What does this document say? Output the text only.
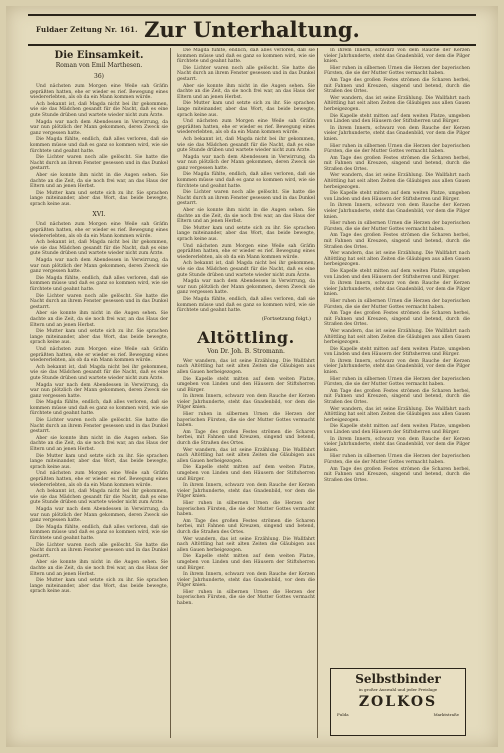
Fuldaer Zeitung Nr. 161. Zur Unterhaltung.
Die Einsamkeit.
Roman von Emil Marthesen.
36)

Und nächsten zum Morgen eine Weile sah Gräfin gepräßten hatten, ehe er wieder es rief. Bewegung eines wiedererlebten, als ob da ein Mann kommen würde.

Ach bekannt ist, daß Magda nicht bei ihr gekommen, wie sie das Mädchen gesandt für die Nacht, daß es eine gute Stunde drüben und wartete wieder nicht zum Ärzte.

Magda war nach dem Abendessen in Verwirrung, da war nun plötzlich der Mann gekommen, deren Zweck sie ganz vergessen hatte.

Die Magda fühlte, endlich, daß alles verloren, daß sie kommen müsse und daß es ganz so kommen wird, wie sie fürchtete und geahnt hatte.

Die Lichter waren noch alle gelöscht. Sie hatte die Nacht durch an ihrem Fenster gesessen und in das Dunkel gestarrt.

Aber sie konnte ihm nicht in die Augen sehen. Sie dachte an die Zeit, da sie noch frei war, an das Haus der Eltern und an jenen Herbst.

Die Mutter kam und setzte sich zu ihr. Sie sprachen lange miteinander, aber das Wort, das beide bewegte, sprach keine aus.

XVI.

Und nächsten zum Morgen eine Weile sah Gräfin gepräßten hatten, ehe er wieder es rief. Bewegung eines wiedererlebten, als ob da ein Mann kommen würde.

Ach bekannt ist, daß Magda nicht bei ihr gekommen, wie sie das Mädchen gesandt für die Nacht, daß es eine gute Stunde drüben und wartete wieder nicht zum Ärzte.

Magda war nach dem Abendessen in Verwirrung, da war nun plötzlich der Mann gekommen, deren Zweck sie ganz vergessen hatte.

Die Magda fühlte, endlich, daß alles verloren, daß sie kommen müsse und daß es ganz so kommen wird, wie sie fürchtete und geahnt hatte.

Die Lichter waren noch alle gelöscht. Sie hatte die Nacht durch an ihrem Fenster gesessen und in das Dunkel gestarrt.

Aber sie konnte ihm nicht in die Augen sehen. Sie dachte an die Zeit, da sie noch frei war, an das Haus der Eltern und an jenen Herbst.

Die Mutter kam und setzte sich zu ihr. Sie sprachen lange miteinander, aber das Wort, das beide bewegte, sprach keine aus.

Und nächsten zum Morgen eine Weile sah Gräfin gepräßten hatten, ehe er wieder es rief. Bewegung eines wiedererlebten, als ob da ein Mann kommen würde.

Ach bekannt ist, daß Magda nicht bei ihr gekommen, wie sie das Mädchen gesandt für die Nacht, daß es eine gute Stunde drüben und wartete wieder nicht zum Ärzte.

Magda war nach dem Abendessen in Verwirrung, da war nun plötzlich der Mann gekommen, deren Zweck sie ganz vergessen hatte.

Die Magda fühlte, endlich, daß alles verloren, daß sie kommen müsse und daß es ganz so kommen wird, wie sie fürchtete und geahnt hatte.

Die Lichter waren noch alle gelöscht. Sie hatte die Nacht durch an ihrem Fenster gesessen und in das Dunkel gestarrt.

Aber sie konnte ihm nicht in die Augen sehen. Sie dachte an die Zeit, da sie noch frei war, an das Haus der Eltern und an jenen Herbst.

Die Mutter kam und setzte sich zu ihr. Sie sprachen lange miteinander, aber das Wort, das beide bewegte, sprach keine aus.

Und nächsten zum Morgen eine Weile sah Gräfin gepräßten hatten, ehe er wieder es rief. Bewegung eines wiedererlebten, als ob da ein Mann kommen würde.

Ach bekannt ist, daß Magda nicht bei ihr gekommen, wie sie das Mädchen gesandt für die Nacht, daß es eine gute Stunde drüben und wartete wieder nicht zum Ärzte.

Magda war nach dem Abendessen in Verwirrung, da war nun plötzlich der Mann gekommen, deren Zweck sie ganz vergessen hatte.

Die Magda fühlte, endlich, daß alles verloren, daß sie kommen müsse und daß es ganz so kommen wird, wie sie fürchtete und geahnt hatte.

Die Lichter waren noch alle gelöscht. Sie hatte die Nacht durch an ihrem Fenster gesessen und in das Dunkel gestarrt.

Aber sie konnte ihm nicht in die Augen sehen. Sie dachte an die Zeit, da sie noch frei war, an das Haus der Eltern und an jenen Herbst.

Die Mutter kam und setzte sich zu ihr. Sie sprachen lange miteinander, aber das Wort, das beide bewegte, sprach keine aus.

Die Magda fühlte, endlich, daß alles verloren, daß sie kommen müsse und daß es ganz so kommen wird, wie sie fürchtete und geahnt hatte.

Die Lichter waren noch alle gelöscht. Sie hatte die Nacht durch an ihrem Fenster gesessen und in das Dunkel gestarrt.

Aber sie konnte ihm nicht in die Augen sehen. Sie dachte an die Zeit, da sie noch frei war, an das Haus der Eltern und an jenen Herbst.

Die Mutter kam und setzte sich zu ihr. Sie sprachen lange miteinander, aber das Wort, das beide bewegte, sprach keine aus.

Und nächsten zum Morgen eine Weile sah Gräfin gepräßten hatten, ehe er wieder es rief. Bewegung eines wiedererlebten, als ob da ein Mann kommen würde.

Ach bekannt ist, daß Magda nicht bei ihr gekommen, wie sie das Mädchen gesandt für die Nacht, daß es eine gute Stunde drüben und wartete wieder nicht zum Ärzte.

Magda war nach dem Abendessen in Verwirrung, da war nun plötzlich der Mann gekommen, deren Zweck sie ganz vergessen hatte.

Die Magda fühlte, endlich, daß alles verloren, daß sie kommen müsse und daß es ganz so kommen wird, wie sie fürchtete und geahnt hatte.

Die Lichter waren noch alle gelöscht. Sie hatte die Nacht durch an ihrem Fenster gesessen und in das Dunkel gestarrt.

Aber sie konnte ihm nicht in die Augen sehen. Sie dachte an die Zeit, da sie noch frei war, an das Haus der Eltern und an jenen Herbst.

Die Mutter kam und setzte sich zu ihr. Sie sprachen lange miteinander, aber das Wort, das beide bewegte, sprach keine aus.

Und nächsten zum Morgen eine Weile sah Gräfin gepräßten hatten, ehe er wieder es rief. Bewegung eines wiedererlebten, als ob da ein Mann kommen würde.

Ach bekannt ist, daß Magda nicht bei ihr gekommen, wie sie das Mädchen gesandt für die Nacht, daß es eine gute Stunde drüben und wartete wieder nicht zum Ärzte.

Magda war nach dem Abendessen in Verwirrung, da war nun plötzlich der Mann gekommen, deren Zweck sie ganz vergessen hatte.

Die Magda fühlte, endlich, daß alles verloren, daß sie kommen müsse und daß es ganz so kommen wird, wie sie fürchtete und geahnt hatte.

(Fortsetzung folgt.)
Altöttling.
Von Dr. Joh. B. Stromann.

Wer wandern, das ist seine Erzählung. Die Wallfahrt nach Altöttling hat seit alten Zeiten die Gläubigen aus allen Gauen herbeigezogen.

Die Kapelle steht mitten auf dem weiten Platze, umgeben von Linden und den Häusern der Stiftsherren und Bürger.

In ihrem Innern, schwarz von dem Rauche der Kerzen vieler Jahrhunderte, steht das Gnadenbild, vor dem die Pilger knien.

Hier ruhen in silbernen Urnen die Herzen der bayerischen Fürsten, die sie der Mutter Gottes vermacht haben.

Am Tage des großen Festes strömen die Scharen herbei, mit Fahnen und Kreuzen, singend und betend, durch die Straßen des Ortes.

Wer wandern, das ist seine Erzählung. Die Wallfahrt nach Altöttling hat seit alten Zeiten die Gläubigen aus allen Gauen herbeigezogen.

Die Kapelle steht mitten auf dem weiten Platze, umgeben von Linden und den Häusern der Stiftsherren und Bürger.

In ihrem Innern, schwarz von dem Rauche der Kerzen vieler Jahrhunderte, steht das Gnadenbild, vor dem die Pilger knien.

Hier ruhen in silbernen Urnen die Herzen der bayerischen Fürsten, die sie der Mutter Gottes vermacht haben.

Am Tage des großen Festes strömen die Scharen herbei, mit Fahnen und Kreuzen, singend und betend, durch die Straßen des Ortes.

Wer wandern, das ist seine Erzählung. Die Wallfahrt nach Altöttling hat seit alten Zeiten die Gläubigen aus allen Gauen herbeigezogen.

Die Kapelle steht mitten auf dem weiten Platze, umgeben von Linden und den Häusern der Stiftsherren und Bürger.

In ihrem Innern, schwarz von dem Rauche der Kerzen vieler Jahrhunderte, steht das Gnadenbild, vor dem die Pilger knien.

Hier ruhen in silbernen Urnen die Herzen der bayerischen Fürsten, die sie der Mutter Gottes vermacht haben.

In ihrem Innern, schwarz von dem Rauche der Kerzen vieler Jahrhunderte, steht das Gnadenbild, vor dem die Pilger knien.

Hier ruhen in silbernen Urnen die Herzen der bayerischen Fürsten, die sie der Mutter Gottes vermacht haben.

Am Tage des großen Festes strömen die Scharen herbei, mit Fahnen und Kreuzen, singend und betend, durch die Straßen des Ortes.

Wer wandern, das ist seine Erzählung. Die Wallfahrt nach Altöttling hat seit alten Zeiten die Gläubigen aus allen Gauen herbeigezogen.

Die Kapelle steht mitten auf dem weiten Platze, umgeben von Linden und den Häusern der Stiftsherren und Bürger.

In ihrem Innern, schwarz von dem Rauche der Kerzen vieler Jahrhunderte, steht das Gnadenbild, vor dem die Pilger knien.

Hier ruhen in silbernen Urnen die Herzen der bayerischen Fürsten, die sie der Mutter Gottes vermacht haben.

Am Tage des großen Festes strömen die Scharen herbei, mit Fahnen und Kreuzen, singend und betend, durch die Straßen des Ortes.

Wer wandern, das ist seine Erzählung. Die Wallfahrt nach Altöttling hat seit alten Zeiten die Gläubigen aus allen Gauen herbeigezogen.

Die Kapelle steht mitten auf dem weiten Platze, umgeben von Linden und den Häusern der Stiftsherren und Bürger.

In ihrem Innern, schwarz von dem Rauche der Kerzen vieler Jahrhunderte, steht das Gnadenbild, vor dem die Pilger knien.

Hier ruhen in silbernen Urnen die Herzen der bayerischen Fürsten, die sie der Mutter Gottes vermacht haben.

Am Tage des großen Festes strömen die Scharen herbei, mit Fahnen und Kreuzen, singend und betend, durch die Straßen des Ortes.

Wer wandern, das ist seine Erzählung. Die Wallfahrt nach Altöttling hat seit alten Zeiten die Gläubigen aus allen Gauen herbeigezogen.

Die Kapelle steht mitten auf dem weiten Platze, umgeben von Linden und den Häusern der Stiftsherren und Bürger.

In ihrem Innern, schwarz von dem Rauche der Kerzen vieler Jahrhunderte, steht das Gnadenbild, vor dem die Pilger knien.

Hier ruhen in silbernen Urnen die Herzen der bayerischen Fürsten, die sie der Mutter Gottes vermacht haben.

Am Tage des großen Festes strömen die Scharen herbei, mit Fahnen und Kreuzen, singend und betend, durch die Straßen des Ortes.

Wer wandern, das ist seine Erzählung. Die Wallfahrt nach Altöttling hat seit alten Zeiten die Gläubigen aus allen Gauen herbeigezogen.

Die Kapelle steht mitten auf dem weiten Platze, umgeben von Linden und den Häusern der Stiftsherren und Bürger.

In ihrem Innern, schwarz von dem Rauche der Kerzen vieler Jahrhunderte, steht das Gnadenbild, vor dem die Pilger knien.

Hier ruhen in silbernen Urnen die Herzen der bayerischen Fürsten, die sie der Mutter Gottes vermacht haben.

Am Tage des großen Festes strömen die Scharen herbei, mit Fahnen und Kreuzen, singend und betend, durch die Straßen des Ortes.

Wer wandern, das ist seine Erzählung. Die Wallfahrt nach Altöttling hat seit alten Zeiten die Gläubigen aus allen Gauen herbeigezogen.

Die Kapelle steht mitten auf dem weiten Platze, umgeben von Linden und den Häusern der Stiftsherren und Bürger.

In ihrem Innern, schwarz von dem Rauche der Kerzen vieler Jahrhunderte, steht das Gnadenbild, vor dem die Pilger knien.

Hier ruhen in silbernen Urnen die Herzen der bayerischen Fürsten, die sie der Mutter Gottes vermacht haben.

Am Tage des großen Festes strömen die Scharen herbei, mit Fahnen und Kreuzen, singend und betend, durch die Straßen des Ortes.

Selbstbinder
in großer Auswahl und jeder Preislage
ZOLKOS
Fulda	Marktstraße
